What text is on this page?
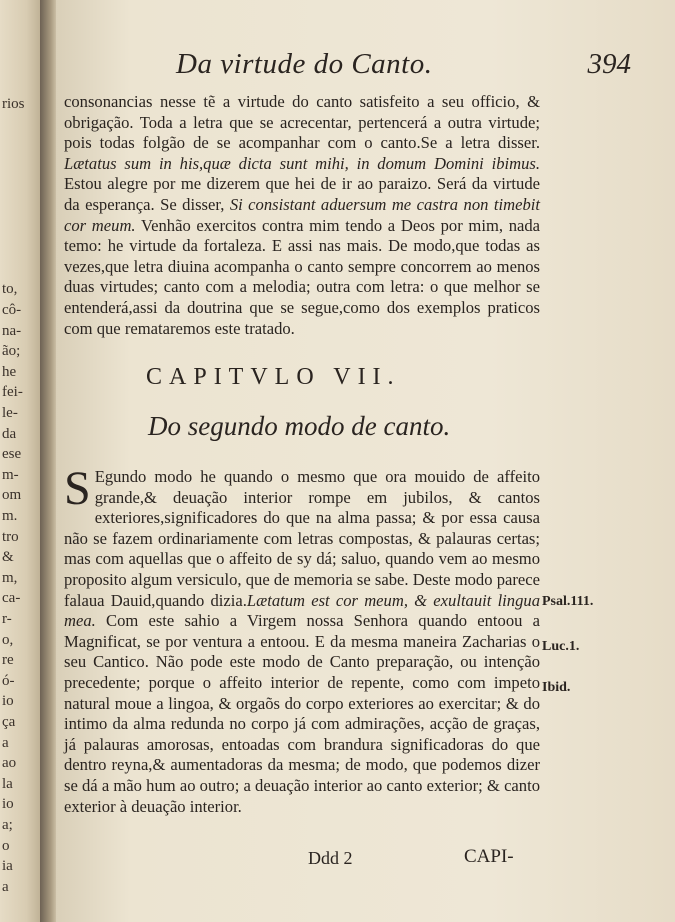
rios
to,
cô-
na-
ão;
he
fei-
le-
da
ese
m-
om
m.
tro
&
m,
ca-
r-
o,
re
ó-
io
ça
a
ao
la
io
a;
o
ia
a
Da virtude do Canto.	394

consonancias nesse tẽ a virtude do canto satisfeito a seu officio, & obrigação. Toda a letra que se acrecentar, pertencerá a outra virtude; pois todas folgão de se acompanhar com o canto.Se a letra disser. Lætatus sum in his,quæ dicta sunt mihi, in domum Domini ibimus. Estou alegre por me dizerem que hei de ir ao paraizo. Será da virtude da esperança. Se disser, Si consistant aduersum me castra non timebit cor meum. Venhão exercitos contra mim tendo a Deos por mim, nada temo: he virtude da fortaleza. E assi nas mais. De modo,que todas as vezes,que letra diuina acompanha o canto sempre concorrem ao menos duas virtudes; canto com a melodia; outra com letra: o que melhor se entenderá,assi da doutrina que se segue,como dos exemplos praticos com que remataremos este tratado.

CAPITVLO VII.
Do segundo modo de canto.

S Egundo modo he quando o mesmo que ora mouido de affeito grande,& deuação interior rompe em jubilos, & cantos exteriores,significadores do que na alma passa; & por essa causa não se fazem ordinariamente com letras compostas, & palauras certas; mas com aquellas que o affeito de sy dá; saluo, quando vem ao mesmo proposito algum versiculo, que de memoria se sabe. Deste modo parece falaua Dauid,quando dizia.Lætatum est cor meum, & exultauit lingua mea. Com este sahio a Virgem nossa Senhora quando entoou a Magnificat, se por ventura a entoou. E da mesma maneira Zacharias o seu Cantico. Não pode este modo de Canto preparação, ou intenção precedente; porque o affeito interior de repente, como com impeto natural moue a lingoa, & orgaõs do corpo exteriores ao exercitar; & do intimo da alma redunda no corpo já com admirações, acção de graças, já palauras amorosas, entoadas com brandura significadoras do que dentro reyna,& aumentadoras da mesma; de modo, que podemos dizer se dá a mão hum ao outro; a deuação interior ao canto exterior; & canto exterior à deuação interior.

Psal.111.
Luc.1.
Ibid.
Ddd 2	CAPI-
